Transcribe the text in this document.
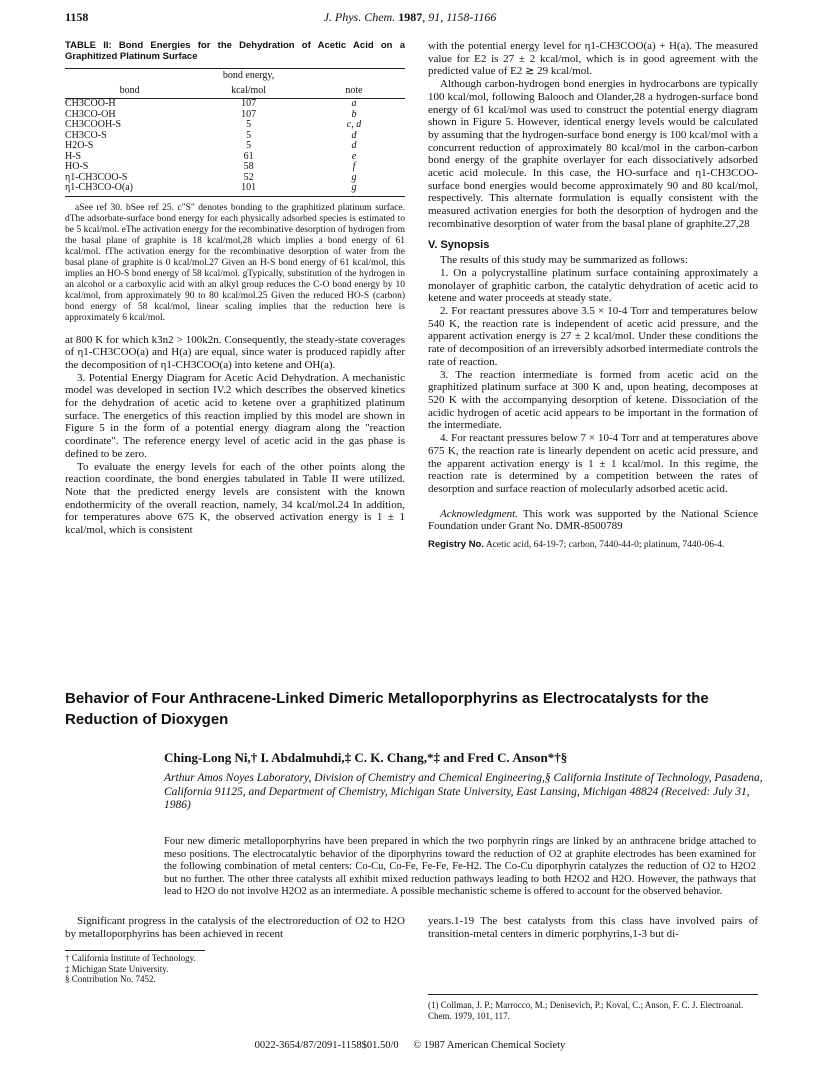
1158	J. Phys. Chem. 1987, 91, 1158-1166
TABLE II: Bond Energies for the Dehydration of Acetic Acid on a Graphitized Platinum Surface
	bond energy,	
bond	kcal/mol	note
CH3COO-H	107	a
CH3CO-OH	107	b
CH3COOH-S	5	c, d
CH3CO-S	5	d
H2O-S	5	d
H-S	61	e
HO-S	58	f
η1-CH3COO-S	52	g
η1-CH3CO-O(a)	101	g
aSee ref 30. bSee ref 25. c"S" denotes bonding to the graphitized platinum surface. dThe adsorbate-surface bond energy for each physically adsorbed species is estimated to be 5 kcal/mol. eThe activation energy for the recombinative desorption of hydrogen from the basal plane of graphite is 18 kcal/mol,28 which implies a bond energy of 61 kcal/mol. fThe activation energy for the recombinative desorption of water from the basal plane of graphite is 0 kcal/mol.27 Given an H-S bond energy of 61 kcal/mol, this implies an HO-S bond energy of 58 kcal/mol. gTypically, substitution of the hydrogen in an alcohol or a carboxylic acid with an alkyl group reduces the C-O bond energy by 10 kcal/mol, from approximately 90 to 80 kcal/mol.25 Given the reduced HO-S (carbon) bond energy of 58 kcal/mol, linear scaling implies that the reduction here is approximately 6 kcal/mol.

at 800 K for which k3n2 > 100k2n. Consequently, the steady-state coverages of η1-CH3COO(a) and H(a) are equal, since water is produced rapidly after the decomposition of η1-CH3COO(a) into ketene and OH(a).

3. Potential Energy Diagram for Acetic Acid Dehydration. A mechanistic model was developed in section IV.2 which describes the observed kinetics for the dehydration of acetic acid to ketene over a graphitized platinum surface. The energetics of this reaction implied by this model are shown in Figure 5 in the form of a potential energy diagram along the "reaction coordinate". The reference energy level of acetic acid in the gas phase is defined to be zero.

To evaluate the energy levels for each of the other points along the reaction coordinate, the bond energies tabulated in Table II were utilized. Note that the predicted energy levels are consistent with the known endothermicity of the overall reaction, namely, 34 kcal/mol.24 In addition, for temperatures above 675 K, the observed activation energy is 1 ± 1 kcal/mol, which is consistent

with the potential energy level for η1-CH3COO(a) + H(a). The measured value for E2 is 27 ± 2 kcal/mol, which is in good agreement with the predicted value of E2 ≳ 29 kcal/mol.

Although carbon-hydrogen bond energies in hydrocarbons are typically 100 kcal/mol, following Balooch and Olander,28 a hydrogen-surface bond energy of 61 kcal/mol was used to construct the potential energy diagram shown in Figure 5. However, identical energy levels would be calculated by assuming that the hydrogen-surface bond energy is 100 kcal/mol with a concurrent reduction of approximately 80 kcal/mol in the carbon-carbon bond energy of the graphite overlayer for each dissociatively adsorbed acetic acid molecule. In this case, the HO-surface and η1-CH3COO-surface bond energies would become approximately 90 and 80 kcal/mol, respectively. This alternate formulation is equally consistent with the measured activation energies for both the desorption of hydrogen and the recombinative desorption of water from the basal plane of graphite.27,28

V. Synopsis

The results of this study may be summarized as follows:

1. On a polycrystalline platinum surface containing approximately a monolayer of graphitic carbon, the catalytic dehydration of acetic acid to ketene and water proceeds at steady state.

2. For reactant pressures above 3.5 × 10-4 Torr and temperatures below 540 K, the reaction rate is independent of acetic acid pressure, and the apparent activation energy is 27 ± 2 kcal/mol. Under these conditions the rate of decomposition of an irreversibly adsorbed intermediate controls the rate of reaction.

3. The reaction intermediate is formed from acetic acid on the graphitized platinum surface at 300 K and, upon heating, decomposes at 520 K with the accompanying desorption of ketene. Dissociation of the acidic hydrogen of acetic acid appears to be important in the formation of the intermediate.

4. For reactant pressures below 7 × 10-4 Torr and at temperatures above 675 K, the reaction rate is linearly dependent on acetic acid pressure, and the apparent activation energy is 1 ± 1 kcal/mol. In this regime, the reaction rate is determined by a competition between the rates of desorption and surface reaction of molecularly adsorbed acetic acid.

Acknowledgment. This work was supported by the National Science Foundation under Grant No. DMR-8500789

Registry No. Acetic acid, 64-19-7; carbon, 7440-44-0; platinum, 7440-06-4.

Behavior of Four Anthracene-Linked Dimeric Metalloporphyrins as Electrocatalysts for the Reduction of Dioxygen
Ching-Long Ni,† I. Abdalmuhdi,‡ C. K. Chang,*‡ and Fred C. Anson*†§
Arthur Amos Noyes Laboratory, Division of Chemistry and Chemical Engineering,§ California Institute of Technology, Pasadena, California 91125, and Department of Chemistry, Michigan State University, East Lansing, Michigan 48824 (Received: July 31, 1986)
Four new dimeric metalloporphyrins have been prepared in which the two porphyrin rings are linked by an anthracene bridge attached to meso positions. The electrocatalytic behavior of the diporphyrins toward the reduction of O2 at graphite electrodes has been examined for the following combination of metal centers: Co-Cu, Co-Fe, Fe-Fe, Fe-H2. The Co-Cu diporphyrin catalyzes the reduction of O2 to H2O2 but no further. The other three catalysts all exhibit mixed reduction pathways leading to both H2O2 and H2O. However, the pathways that lead to H2O do not involve H2O2 as an intermediate. A possible mechanistic scheme is offered to account for the observed behavior.

Significant progress in the catalysis of the electroreduction of O2 to H2O by metalloporphyrins has been achieved in recent

years.1-19 The best catalysts from this class have involved pairs of transition-metal centers in dimeric porphyrins,1-3 but di-

† California Institute of Technology.
‡ Michigan State University.
§ Contribution No. 7452.
(1) Collman, J. P.; Marrocco, M.; Denisevich, P.; Koval, C.; Anson, F. C. J. Electroanal. Chem. 1979, 101, 117.
0022-3654/87/2091-1158$01.50/0 © 1987 American Chemical Society
